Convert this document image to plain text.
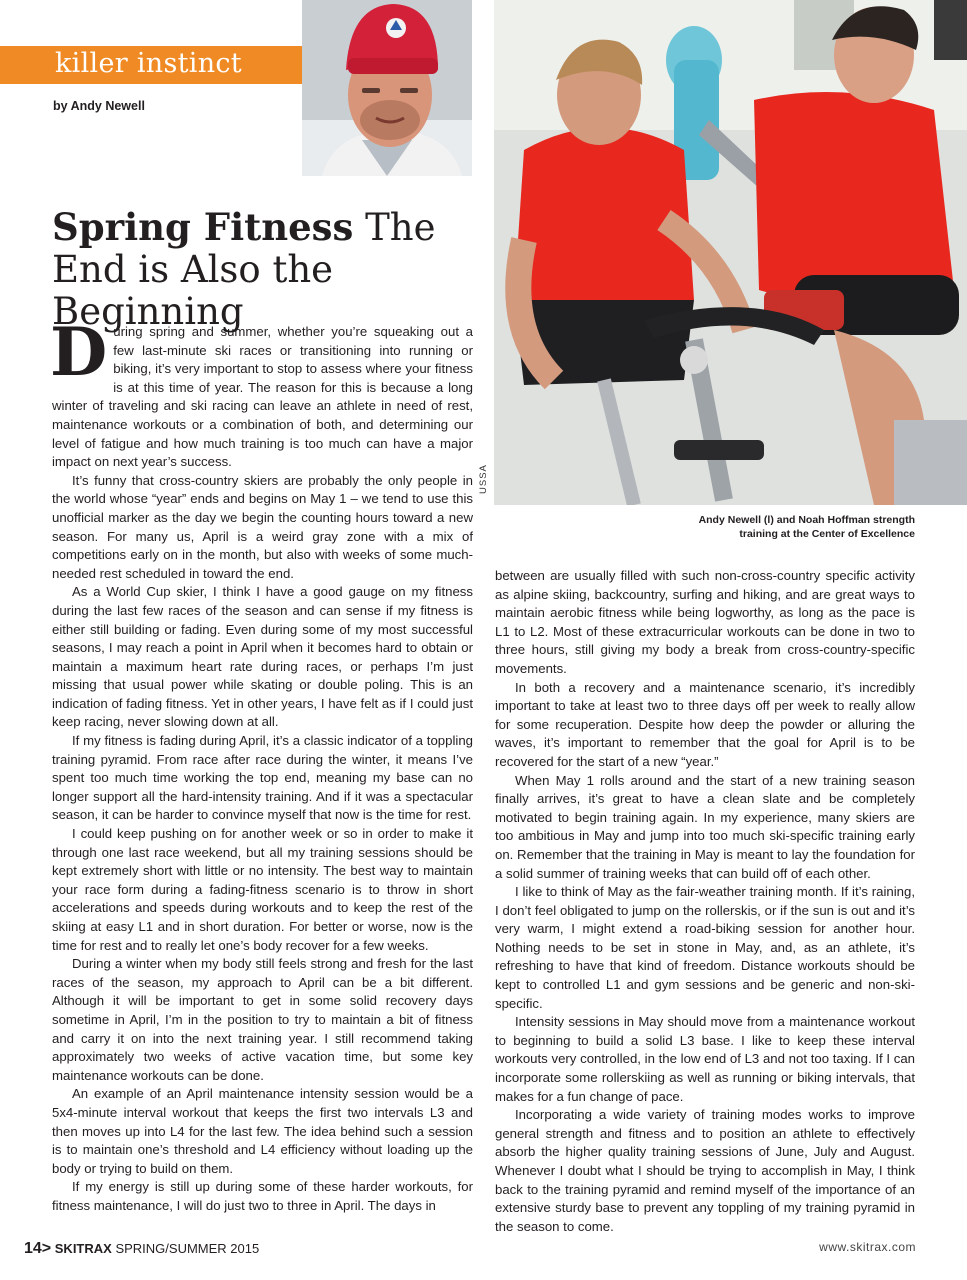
killer instinct
by Andy Newell
USSA
Andy Newell (l) and Noah Hoffman strength training at the Center of Excellence
Spring Fitness The End is Also the Beginning

During spring and summer, whether you’re squeaking out a few last-minute ski races or transitioning into running or biking, it’s very important to stop to assess where your fitness is at this time of year. The reason for this is because a long winter of traveling and ski racing can leave an athlete in need of rest, maintenance workouts or a combination of both, and determining our level of fatigue and how much training is too much can have a major impact on next year’s success.

It’s funny that cross-country skiers are probably the only people in the world whose “year” ends and begins on May 1 – we tend to use this unofficial marker as the day we begin the counting hours toward a new season. For many us, April is a weird gray zone with a mix of competitions early on in the month, but also with weeks of some much-needed rest scheduled in toward the end.

As a World Cup skier, I think I have a good gauge on my fitness during the last few races of the season and can sense if my fitness is either still building or fading. Even during some of my most successful seasons, I may reach a point in April when it becomes hard to obtain or maintain a maximum heart rate during races, or perhaps I’m just missing that usual power while skating or double poling. This is an indication of fading fitness. Yet in other years, I have felt as if I could just keep racing, never slowing down at all.

If my fitness is fading during April, it’s a classic indicator of a toppling training pyramid. From race after race during the winter, it means I’ve spent too much time working the top end, meaning my base can no longer support all the hard-intensity training. And if it was a spectacular season, it can be harder to convince myself that now is the time for rest.

I could keep pushing on for another week or so in order to make it through one last race weekend, but all my training sessions should be kept extremely short with little or no intensity. The best way to maintain your race form during a fading-fitness scenario is to throw in short accelerations and speeds during workouts and to keep the rest of the skiing at easy L1 and in short duration. For better or worse, now is the time for rest and to really let one’s body recover for a few weeks.

During a winter when my body still feels strong and fresh for the last races of the season, my approach to April can be a bit different. Although it will be important to get in some solid recovery days sometime in April, I’m in the position to try to maintain a bit of fitness and carry it on into the next training year. I still recommend taking approximately two weeks of active vacation time, but some key maintenance workouts can be done.

An example of an April maintenance intensity session would be a 5x4-minute interval workout that keeps the first two intervals L3 and then moves up into L4 for the last few. The idea behind such a session is to maintain one’s threshold and L4 efficiency without loading up the body or trying to build on them.

If my energy is still up during some of these harder workouts, for fitness maintenance, I will do just two to three in April. The days in

between are usually filled with such non-cross-country specific activity as alpine skiing, backcountry, surfing and hiking, and are great ways to maintain aerobic fitness while being logworthy, as long as the pace is L1 to L2. Most of these extracurricular workouts can be done in two to three hours, still giving my body a break from cross-country-specific movements.

In both a recovery and a maintenance scenario, it’s incredibly important to take at least two to three days off per week to really allow for some recuperation. Despite how deep the powder or alluring the waves, it’s important to remember that the goal for April is to be recovered for the start of a new “year.”

When May 1 rolls around and the start of a new training season finally arrives, it’s great to have a clean slate and be completely motivated to begin training again. In my experience, many skiers are too ambitious in May and jump into too much ski-specific training early on. Remember that the training in May is meant to lay the foundation for a solid summer of training weeks that can build off of each other.

I like to think of May as the fair-weather training month. If it’s raining, I don’t feel obligated to jump on the rollerskis, or if the sun is out and it’s very warm, I might extend a road-biking session for another hour. Nothing needs to be set in stone in May, and, as an athlete, it’s refreshing to have that kind of freedom. Distance workouts should be kept to controlled L1 and gym sessions and be generic and non-ski-specific.

Intensity sessions in May should move from a maintenance workout to beginning to build a solid L3 base. I like to keep these interval workouts very controlled, in the low end of L3 and not too taxing. If I can incorporate some rollerskiing as well as running or biking intervals, that makes for a fun change of pace.

Incorporating a wide variety of training modes works to improve general strength and fitness and to position an athlete to effectively absorb the higher quality training sessions of June, July and August. Whenever I doubt what I should be trying to accomplish in May, I think back to the training pyramid and remind myself of the importance of an extensive sturdy base to prevent any toppling of my training pyramid in the season to come.

14> SKITRAX SPRING/SUMMER 2015	www.skitrax.com
